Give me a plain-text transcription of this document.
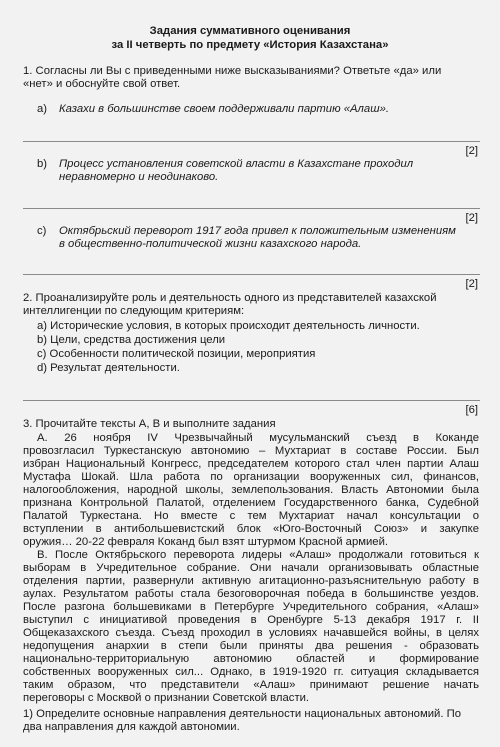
Задания суммативного оценивания
за II четверть по предмету «История Казахстана»
1. Согласны ли Вы с приведенными ниже высказываниями? Ответьте «да» или
«нет» и обоснуйте свой ответ.
a) Казахи в большинстве своем поддерживали партию «Алаш».
[2]
b) Процесс установления советской власти в Казахстане проходил
неравномерно и неодинаково.
[2]
c) Октябрьский переворот 1917 года привел к положительным изменениям
в общественно-политической жизни казахского народа.
[2]
2. Проанализируйте роль и деятельность одного из представителей казахской
интеллигенции по следующим критериям:
a) Исторические условия, в которых происходит деятельность личности.
b) Цели, средства достижения цели
c) Особенности политической позиции, мероприятия
d) Результат деятельности.
[6]
3. Прочитайте тексты А, В и выполните задания
А. 26 ноября IV Чрезвычайный мусульманский съезд в Коканде
провозгласил Туркестанскую автономию – Мухтариат в составе России. Был
избран Национальный Конгресс, председателем которого стал член партии Алаш
Мустафа Шокай. Шла работа по организации вооруженных сил, финансов,
налогообложения, народной школы, землепользования. Власть Автономии была
признана Контрольной Палатой, отделением Государственного банка, Судебной
Палатой Туркестана. Но вместе с тем Мухтариат начал консультации о
вступлении в антибольшевистский блок «Юго-Восточный Союз» и закупке
оружия… 20-22 февраля Коканд был взят штурмом Красной армией.
В. После Октябрьского переворота лидеры «Алаш» продолжали готовиться к
выборам в Учредительное собрание. Они начали организовывать областные
отделения партии, развернули активную агитационно-разъяснительную работу в
аулах. Результатом работы стала безоговорочная победа в большинстве уездов.
После разгона большевиками в Петербурге Учредительного собрания, «Алаш»
выступил с инициативой проведения в Оренбурге 5-13 декабря 1917 г. II
Общеказахского съезда. Съезд проходил в условиях начавшейся войны, в целях
недопущения анархии в степи были приняты два решения - образовать
национально-территориальную автономию областей и формирование
собственных вооруженных сил... Однако, в 1919-1920 гг. ситуация складывается
таким образом, что представители «Алаш» принимают решение начать
переговоры с Москвой о признании Советской власти.
1) Определите основные направления деятельности национальных автономий. По
два направления для каждой автономии.
